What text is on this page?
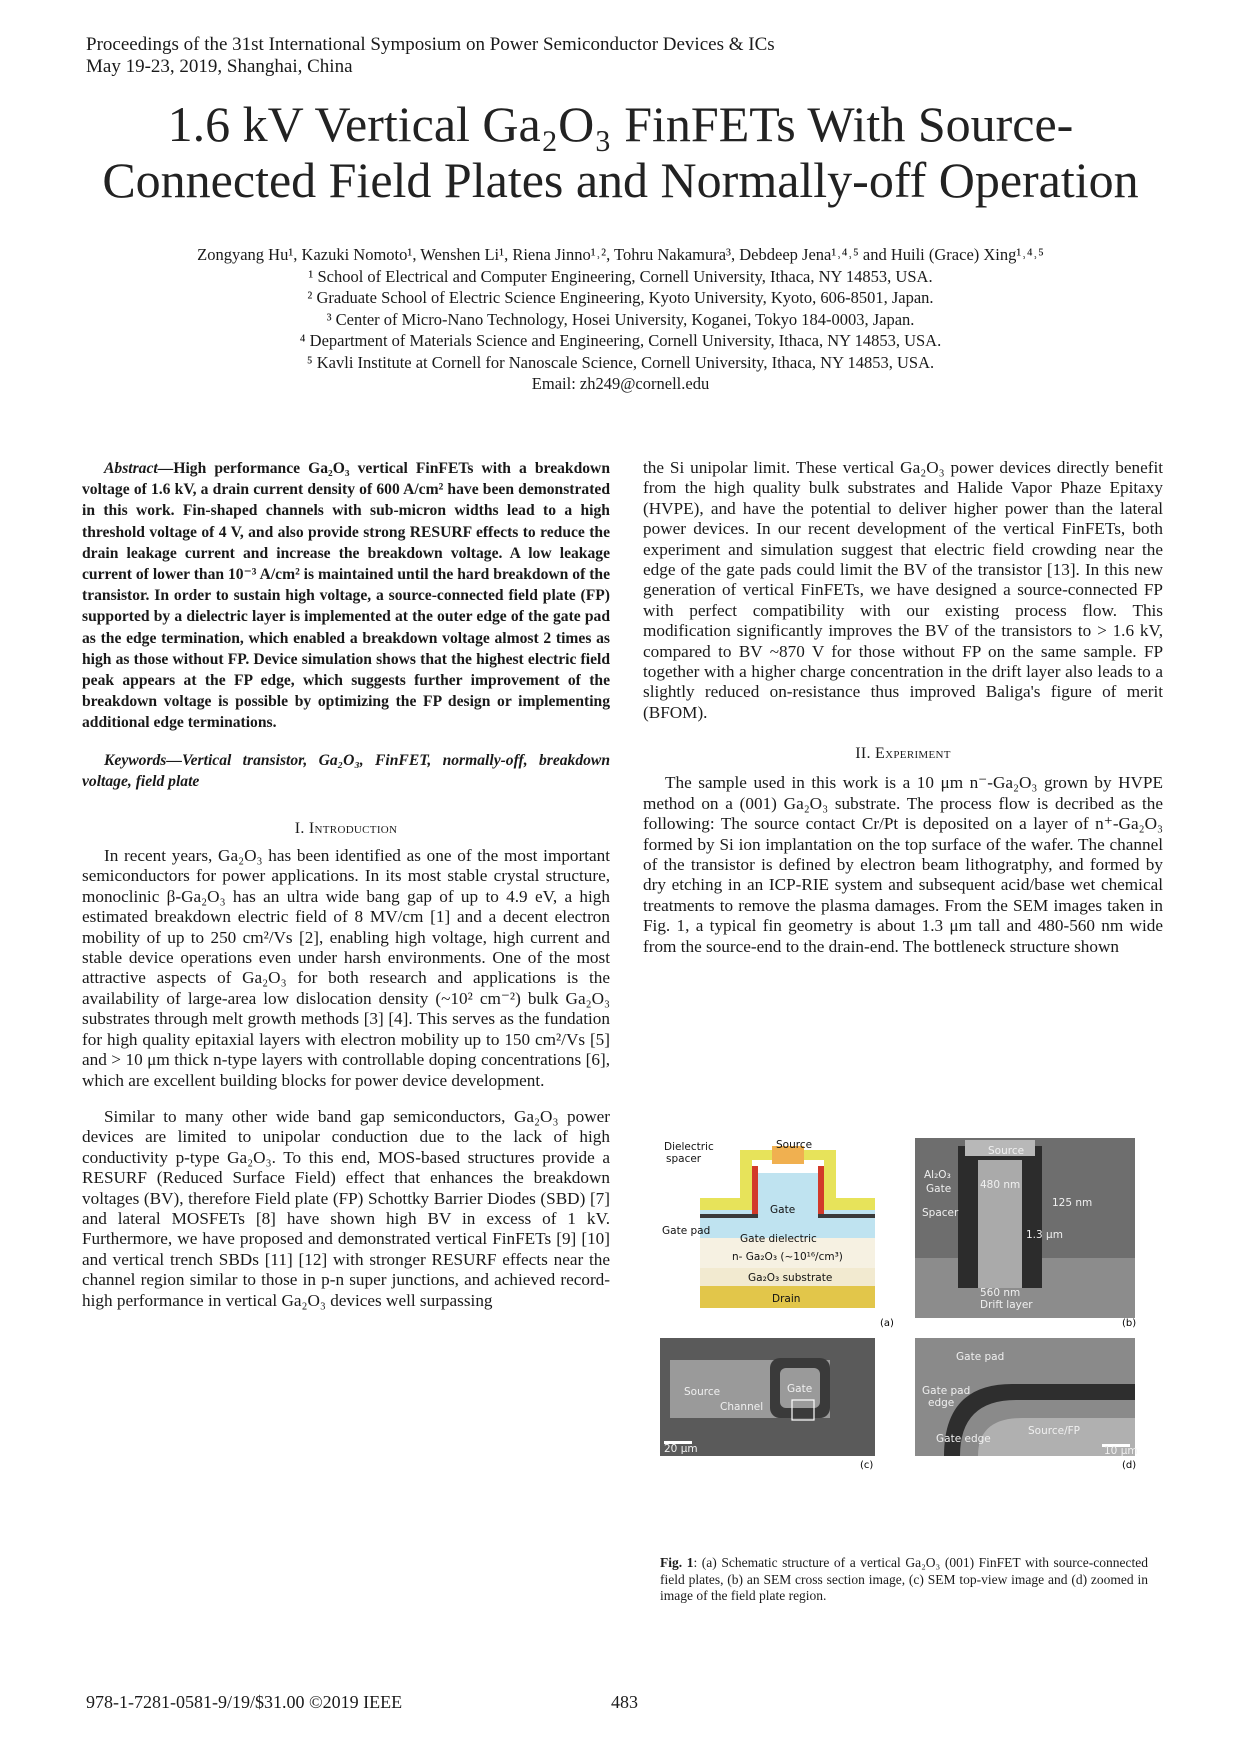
Proceedings of the 31st International Symposium on Power Semiconductor Devices & ICs
May 19-23, 2019, Shanghai, China
1.6 kV Vertical Ga₂O₃ FinFETs With Source-
Connected Field Plates and Normally-off Operation
Zongyang Hu¹, Kazuki Nomoto¹, Wenshen Li¹, Riena Jinno¹˒², Tohru Nakamura³, Debdeep Jena¹˒⁴˒⁵ and Huili (Grace) Xing¹˒⁴˒⁵
¹ School of Electrical and Computer Engineering, Cornell University, Ithaca, NY 14853, USA.
² Graduate School of Electric Science Engineering, Kyoto University, Kyoto, 606-8501, Japan.
³ Center of Micro-Nano Technology, Hosei University, Koganei, Tokyo 184-0003, Japan.
⁴ Department of Materials Science and Engineering, Cornell University, Ithaca, NY 14853, USA.
⁵ Kavli Institute at Cornell for Nanoscale Science, Cornell University, Ithaca, NY 14853, USA.
Email: zh249@cornell.edu
Abstract—High performance Ga₂O₃ vertical FinFETs with a breakdown voltage of 1.6 kV, a drain current density of 600 A/cm² have been demonstrated in this work. Fin-shaped channels with sub-micron widths lead to a high threshold voltage of 4 V, and also provide strong RESURF effects to reduce the drain leakage current and increase the breakdown voltage. A low leakage current of lower than 10⁻³ A/cm² is maintained until the hard breakdown of the transistor. In order to sustain high voltage, a source-connected field plate (FP) supported by a dielectric layer is implemented at the outer edge of the gate pad as the edge termination, which enabled a breakdown voltage almost 2 times as high as those without FP. Device simulation shows that the highest electric field peak appears at the FP edge, which suggests further improvement of the breakdown voltage is possible by optimizing the FP design or implementing additional edge terminations.
Keywords—Vertical transistor, Ga₂O₃, FinFET, normally-off, breakdown voltage, field plate
I. Introduction
In recent years, Ga₂O₃ has been identified as one of the most important semiconductors for power applications. In its most stable crystal structure, monoclinic β-Ga₂O₃ has an ultra wide bang gap of up to 4.9 eV, a high estimated breakdown electric field of 8 MV/cm [1] and a decent electron mobility of up to 250 cm²/Vs [2], enabling high voltage, high current and stable device operations even under harsh environments. One of the most attractive aspects of Ga₂O₃ for both research and applications is the availability of large-area low dislocation density (~10² cm⁻²) bulk Ga₂O₃ substrates through melt growth methods [3] [4]. This serves as the fundation for high quality epitaxial layers with electron mobility up to 150 cm²/Vs [5] and > 10 μm thick n-type layers with controllable doping concentrations [6], which are excellent building blocks for power device development.
Similar to many other wide band gap semiconductors, Ga₂O₃ power devices are limited to unipolar conduction due to the lack of high conductivity p-type Ga₂O₃. To this end, MOS-based structures provide a RESURF (Reduced Surface Field) effect that enhances the breakdown voltages (BV), therefore Field plate (FP) Schottky Barrier Diodes (SBD) [7] and lateral MOSFETs [8] have shown high BV in excess of 1 kV. Furthermore, we have proposed and demonstrated vertical FinFETs [9] [10] and vertical trench SBDs [11] [12] with stronger RESURF effects near the channel region similar to those in p-n super junctions, and achieved record-high performance in vertical Ga₂O₃ devices well surpassing
the Si unipolar limit. These vertical Ga₂O₃ power devices directly benefit from the high quality bulk substrates and Halide Vapor Phaze Epitaxy (HVPE), and have the potential to deliver higher power than the lateral power devices. In our recent development of the vertical FinFETs, both experiment and simulation suggest that electric field crowding near the edge of the gate pads could limit the BV of the transistor [13]. In this new generation of vertical FinFETs, we have designed a source-connected FP with perfect compatibility with our existing process flow. This modification significantly improves the BV of the transistors to > 1.6 kV, compared to BV ~870 V for those without FP on the same sample. FP together with a higher charge concentration in the drift layer also leads to a slightly reduced on-resistance thus improved Baliga's figure of merit (BFOM).
II. Experiment
The sample used in this work is a 10 μm n⁻-Ga₂O₃ grown by HVPE method on a (001) Ga₂O₃ substrate. The process flow is decribed as the following: The source contact Cr/Pt is deposited on a layer of n⁺-Ga₂O₃ formed by Si ion implantation on the top surface of the wafer. The channel of the transistor is defined by electron beam lithogratphy, and formed by dry etching in an ICP-RIE system and subsequent acid/base wet chemical treatments to remove the plasma damages. From the SEM images taken in Fig. 1, a typical fin geometry is about 1.3 μm tall and 480-560 nm wide from the source-end to the drain-end. The bottleneck structure shown
Dielectric
spacer
Source
Gate
Gate pad
Gate dielectric
n- Ga₂O₃ (~10¹⁶/cm³)
Ga₂O₃ substrate
Drain
(a)
Source
Al₂O₃
Gate
Spacer
480 nm
125 nm
1.3 μm
560 nm
Drift layer
(b)
Source	Gate
Channel
20 μm
(c)
Gate pad
Gate pad
edge
Source/FP
Gate edge
10 μm
(d)
Fig. 1: (a) Schematic structure of a vertical Ga₂O₃ (001) FinFET with source-connected field plates, (b) an SEM cross section image, (c) SEM top-view image and (d) zoomed in image of the field plate region.
978-1-7281-0581-9/19/$31.00 ©2019 IEEE	483
